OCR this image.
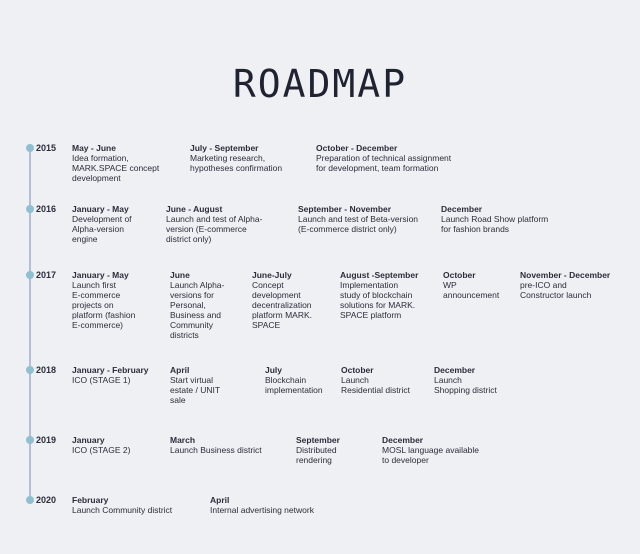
ROADMAP
2015 May - June
Idea formation,
MARK.SPACE concept
development
July - September
Marketing research,
hypotheses confirmation
October - December
Preparation of technical assignment
for development, team formation
2016 January - May
Development of
Alpha-version
engine
June - August
Launch and test of Alpha-
version (E-commerce
district only)
September - November
Launch and test of Beta-version
(E-commerce district only)
December
Launch Road Show platform
for fashion brands
2017 January - May
Launch first
E-commerce
projects on
platform (fashion
E-commerce)
June
Launch Alpha-
versions for
Personal,
Business and
Community
districts
June-July
Concept
development
decentralization
platform MARK.
SPACE
August -September
Implementation
study of blockchain
solutions for MARK.
SPACE platform
October
WP
announcement
November - December
pre-ICO and
Constructor launch
2018 January - February
ICO (STAGE 1)
April
Start virtual
estate / UNIT
sale
July
Blockchain
implementation
October
Launch
Residential district
December
Launch
Shopping district
2019 January
ICO (STAGE 2)
March
Launch Business district
September
Distributed
rendering
December
MOSL language available
to developer
2020 February
Launch Community district
April
Internal advertising network
